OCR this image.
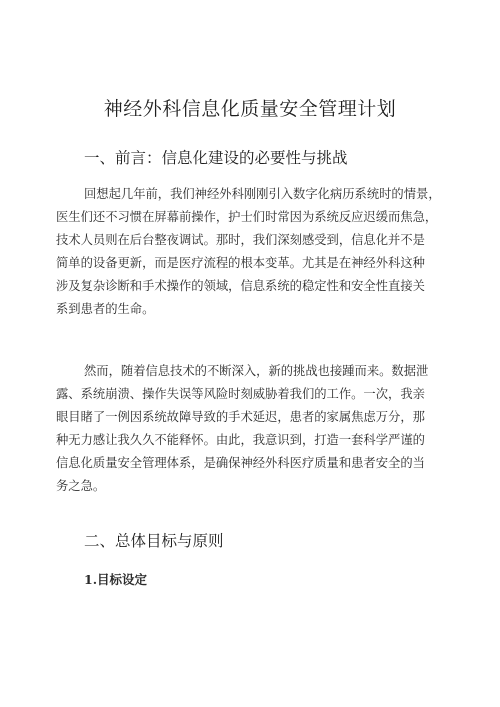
神经外科信息化质量安全管理计划
一、前言：信息化建设的必要性与挑战

回想起几年前，我们神经外科刚刚引入数字化病历系统时的情景，
医生们还不习惯在屏幕前操作，护士们时常因为系统反应迟缓而焦急，
技术人员则在后台整夜调试。那时，我们深刻感受到，信息化并不是
简单的设备更新，而是医疗流程的根本变革。尤其是在神经外科这种
涉及复杂诊断和手术操作的领域，信息系统的稳定性和安全性直接关
系到患者的生命。

然而，随着信息技术的不断深入，新的挑战也接踵而来。数据泄
露、系统崩溃、操作失误等风险时刻威胁着我们的工作。一次，我亲
眼目睹了一例因系统故障导致的手术延迟，患者的家属焦虑万分，那
种无力感让我久久不能释怀。由此，我意识到，打造一套科学严谨的
信息化质量安全管理体系，是确保神经外科医疗质量和患者安全的当
务之急。

二、总体目标与原则
1.目标设定
